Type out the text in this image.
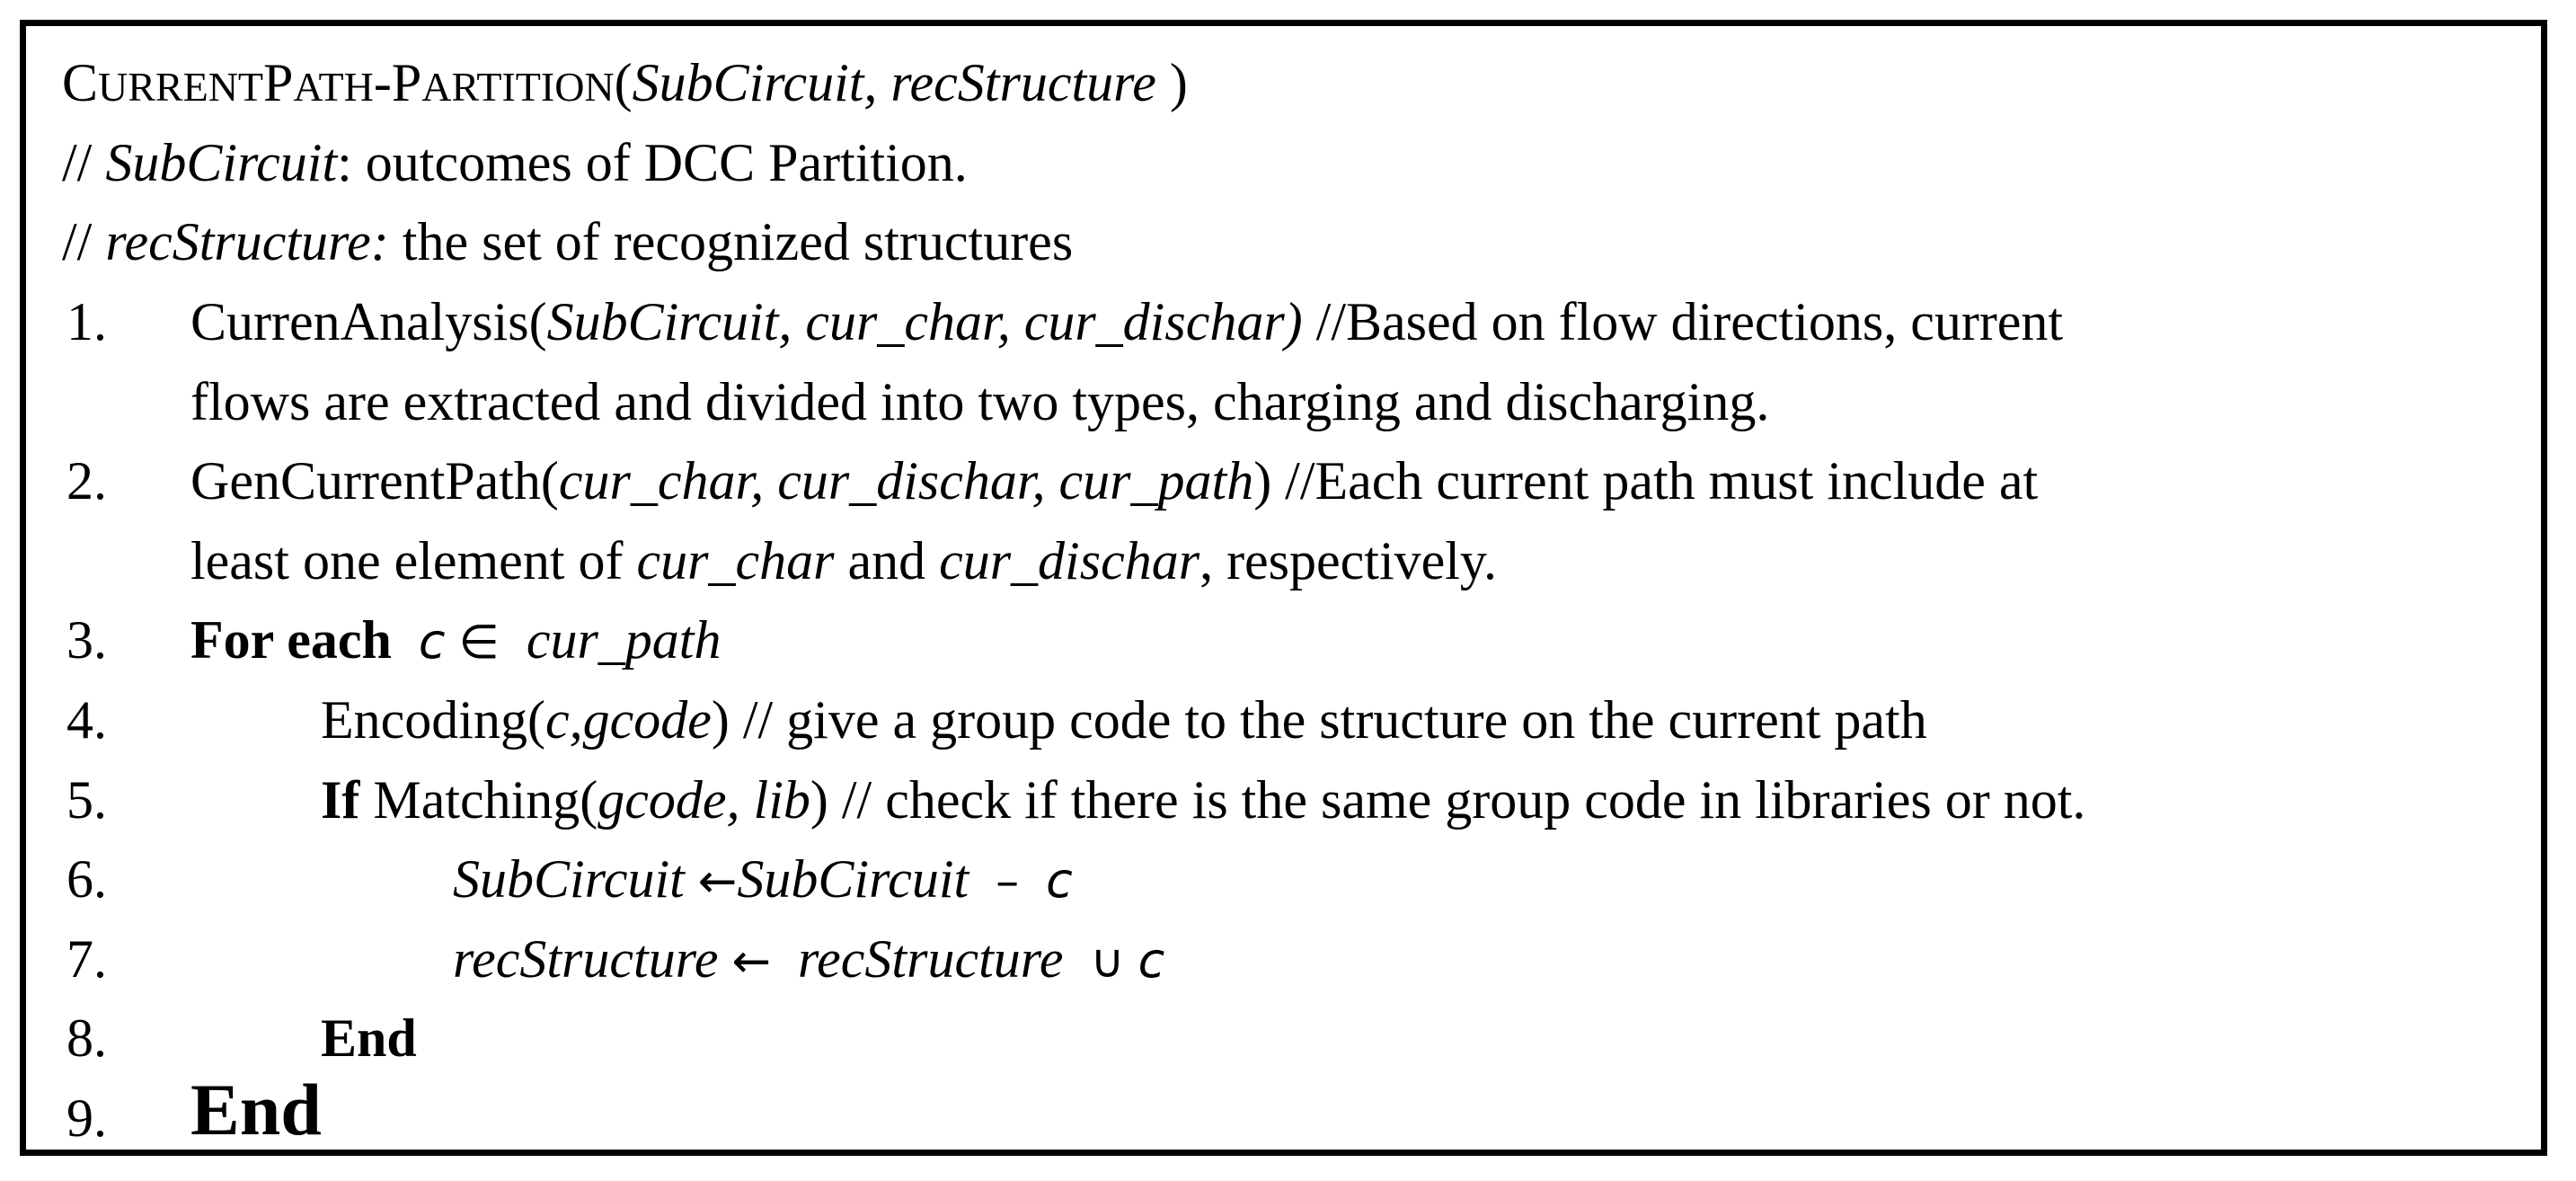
CURRENTPATH-PARTITION(SubCircuit, recStructure )
// SubCircuit: outcomes of DCC Partition.
// recStructure: the set of recognized structures
1. CurrenAnalysis(SubCircuit, cur_char, cur_dischar) //Based on flow directions, current
flows are extracted and divided into two types, charging and discharging.
2. GenCurrentPath(cur_char, cur_dischar, cur_path) //Each current path must include at
least one element of cur_char and cur_dischar, respectively.
3. For each c ∈ cur_path
4.	Encoding(c,gcode) // give a group code to the structure on the current path
5.	If Matching(gcode, lib) // check if there is the same group code in libraries or not.
6.	SubCircuit ←SubCircuit – c
7.	recStructure ← recStructure ∪ c
8.	End
9. End
